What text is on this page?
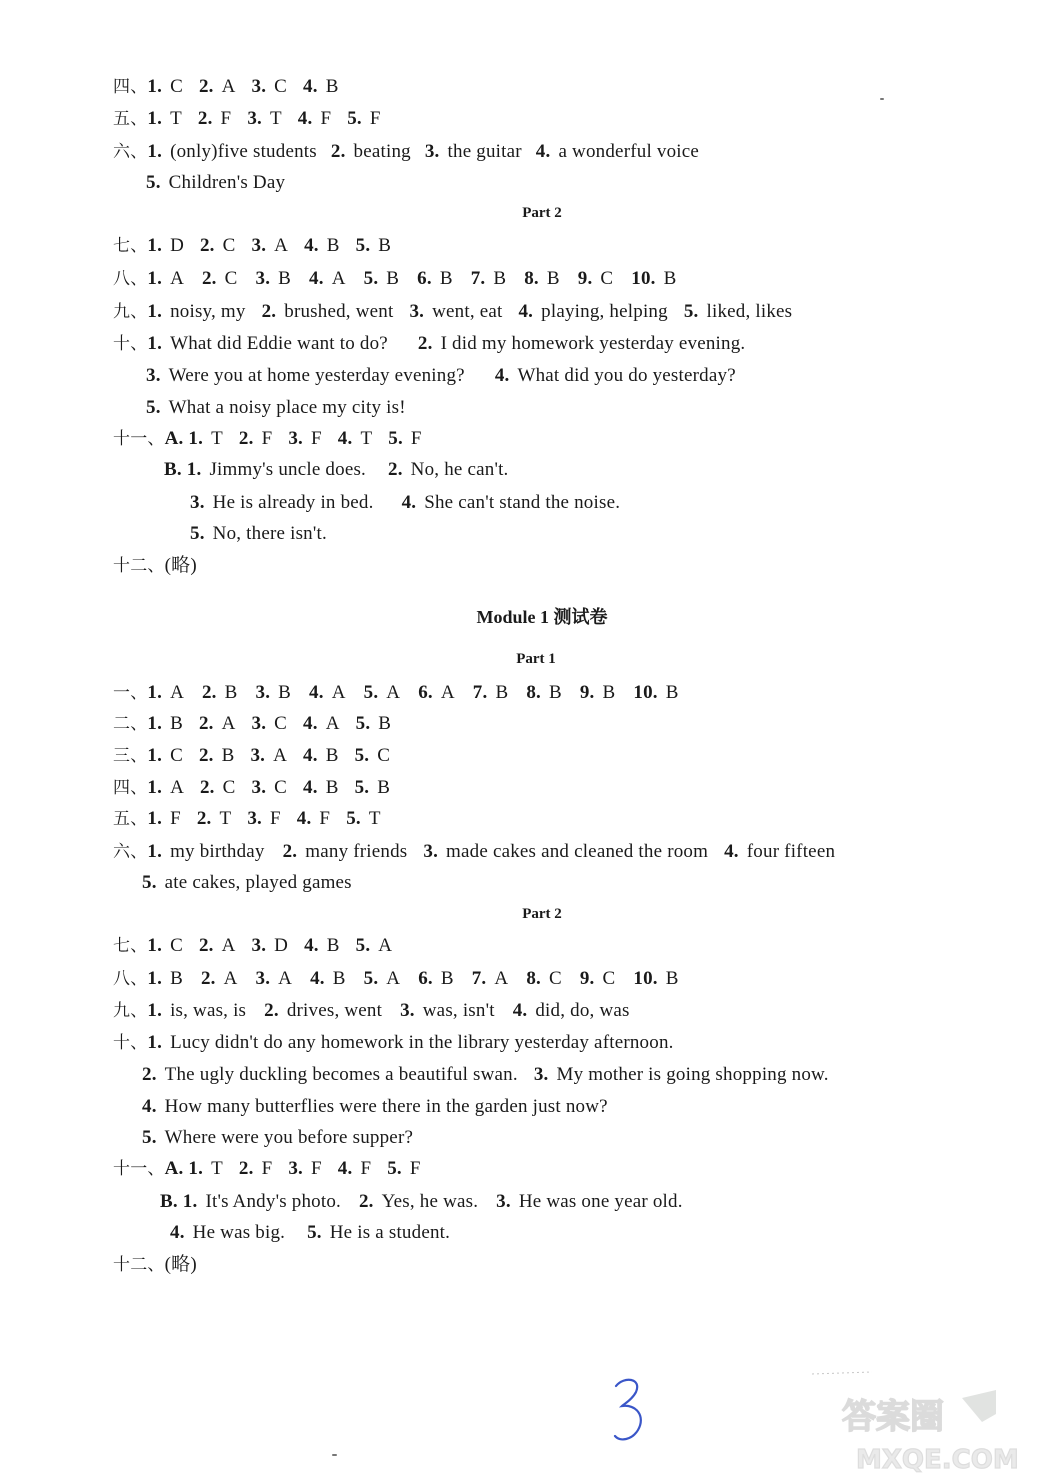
四、1. C 2. A 3. C 4. B
五、1. T 2. F 3. T 4. F 5. F
六、1. (only)five students 2. beating 3. the guitar 4. a wonderful voice
5. Children's Day
Part 2
七、1. D 2. C 3. A 4. B 5. B
八、1. A 2. C 3. B 4. A 5. B 6. B 7. B 8. B 9. C 10. B
九、1. noisy, my 2. brushed, went 3. went, eat 4. playing, helping 5. liked, likes
十、1. What did Eddie want to do? 2. I did my homework yesterday evening.
3. Were you at home yesterday evening? 4. What did you do yesterday?
5. What a noisy place my city is!
十一、A. 1. T 2. F 3. F 4. T 5. F
B. 1. Jimmy's uncle does. 2. No, he can't.
3. He is already in bed. 4. She can't stand the noise.
5. No, there isn't.
十二、(略)
Module 1 测试卷
Part 1
一、1. A 2. B 3. B 4. A 5. A 6. A 7. B 8. B 9. B 10. B
二、1. B 2. A 3. C 4. A 5. B
三、1. C 2. B 3. A 4. B 5. C
四、1. A 2. C 3. C 4. B 5. B
五、1. F 2. T 3. F 4. F 5. T
六、1. my birthday 2. many friends 3. made cakes and cleaned the room 4. four fifteen
5. ate cakes, played games
Part 2
七、1. C 2. A 3. D 4. B 5. A
八、1. B 2. A 3. A 4. B 5. A 6. B 7. A 8. C 9. C 10. B
九、1. is, was, is 2. drives, went 3. was, isn't 4. did, do, was
十、1. Lucy didn't do any homework in the library yesterday afternoon.
2. The ugly duckling becomes a beautiful swan. 3. My mother is going shopping now.
4. How many butterflies were there in the garden just now?
5. Where were you before supper?
十一、A. 1. T 2. F 3. F 4. F 5. F
B. 1. It's Andy's photo. 2. Yes, he was. 3. He was one year old.
4. He was big. 5. He is a student.
十二、(略)
答案圈
MXQE.COM
